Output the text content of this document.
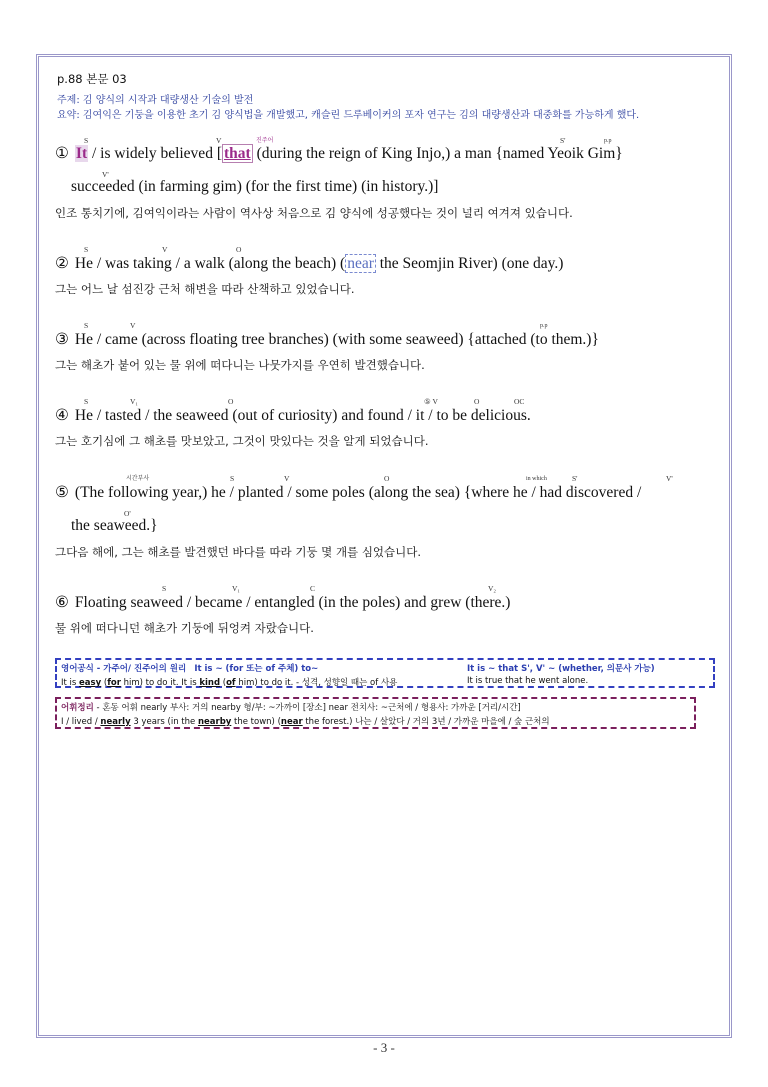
p.88 본문 03
주제: 김 양식의 시작과 대량생산 기술의 발전
요약: 김여익은 기둥을 이용한 초기 김 양식법을 개발했고, 캐슬린 드루베이커의 포자 연구는 김의 대량생산과 대중화를 가능하게 했다.
S	V	진주어	S'	p.p
① It / is widely believed [ that (during the reign of King Injo,) a man {named Yeoik Gim}
V'
succeeded (in farming gim) (for the first time) (in history.)]
인조 통치기에, 김여익이라는 사람이 역사상 처음으로 김 양식에 성공했다는 것이 널리 여겨져 있습니다.
S	V	O
② He / was taking / a walk (along the beach) ( near the Seomjin River) (one day.)
그는 어느 날 섬진강 근처 해변을 따라 산책하고 있었습니다.
S	V	p.p
③ He / came (across floating tree branches) (with some seaweed) {attached (to them.)}
그는 해초가 붙어 있는 물 위에 떠다니는 나뭇가지를 우연히 발견했습니다.
S	V₁	O	⑤ V	O	OC
④ He / tasted / the seaweed (out of curiosity) and found / it / to be delicious.
그는 호기심에 그 해초를 맛보았고, 그것이 맛있다는 것을 알게 되었습니다.
시간부사	S	V	O	in which	S'	V'
⑤ (The following year,) he / planted / some poles (along the sea) {where he / had discovered /
O'
the seaweed.}
그다음 해에, 그는 해초를 발견했던 바다를 따라 기둥 몇 개를 심었습니다.
S	V₁	C	V₂
⑥ Floating seaweed / became / entangled (in the poles) and grew (there.)
물 위에 떠다니던 해초가 기둥에 뒤엉켜 자랐습니다.
영어공식 - 가주어/ 진주어의 원리 It is ~ (for 또는 of 주체) to~	It is ~ that S', V' ~ (whether, 의문사 가능)
It is easy (for him) to do it. It is kind (of him) to do it. - 성격, 성향일 때는 of 사용	It is true that he went alone.
어휘정리 - 혼동 어휘 nearly 부사: 거의 nearby 형/부: ~가까이 [장소] near 전치사: ~근처에 / 형용사: 가까운 [거리/시간]
I / lived / nearly 3 years (in the nearby the town) (near the forest.) 나는 / 살았다 / 거의 3년 / 가까운 마을에 / 숲 근처의
- 3 -
